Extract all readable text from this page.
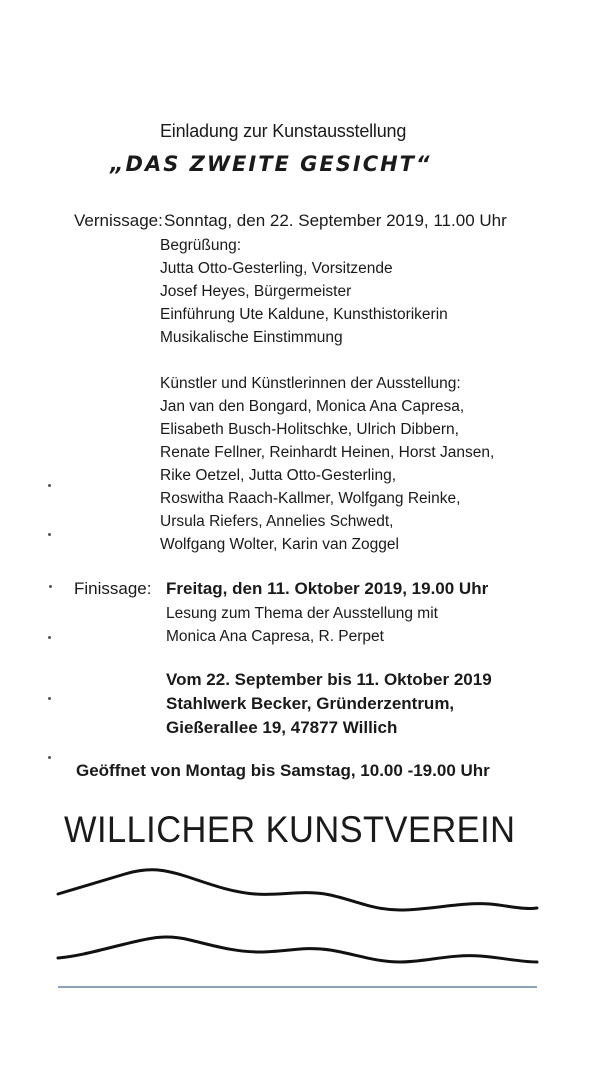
Einladung zur Kunstausstellung
„DAS ZWEITE GESICHT“
Vernissage: Sonntag, den 22. September 2019, 11.00 Uhr
Begrüßung:
Jutta Otto-Gesterling, Vorsitzende
Josef Heyes, Bürgermeister
Einführung Ute Kaldune, Kunsthistorikerin
Musikalische Einstimmung
Künstler und Künstlerinnen der Ausstellung:
Jan van den Bongard, Monica Ana Capresa,
Elisabeth Busch-Holitschke, Ulrich Dibbern,
Renate Fellner, Reinhardt Heinen, Horst Jansen,
Rike Oetzel, Jutta Otto-Gesterling,
Roswitha Raach-Kallmer, Wolfgang Reinke,
Ursula Riefers, Annelies Schwedt,
Wolfgang Wolter, Karin van Zoggel
Finissage: Freitag, den 11. Oktober 2019, 19.00 Uhr
Lesung zum Thema der Ausstellung mit
Monica Ana Capresa, R. Perpet
Vom 22. September bis 11. Oktober 2019
Stahlwerk Becker, Gründerzentrum,
Gießerallee 19, 47877 Willich
Geöffnet von Montag bis Samstag, 10.00 -19.00 Uhr
WILLICHER KUNSTVEREIN
